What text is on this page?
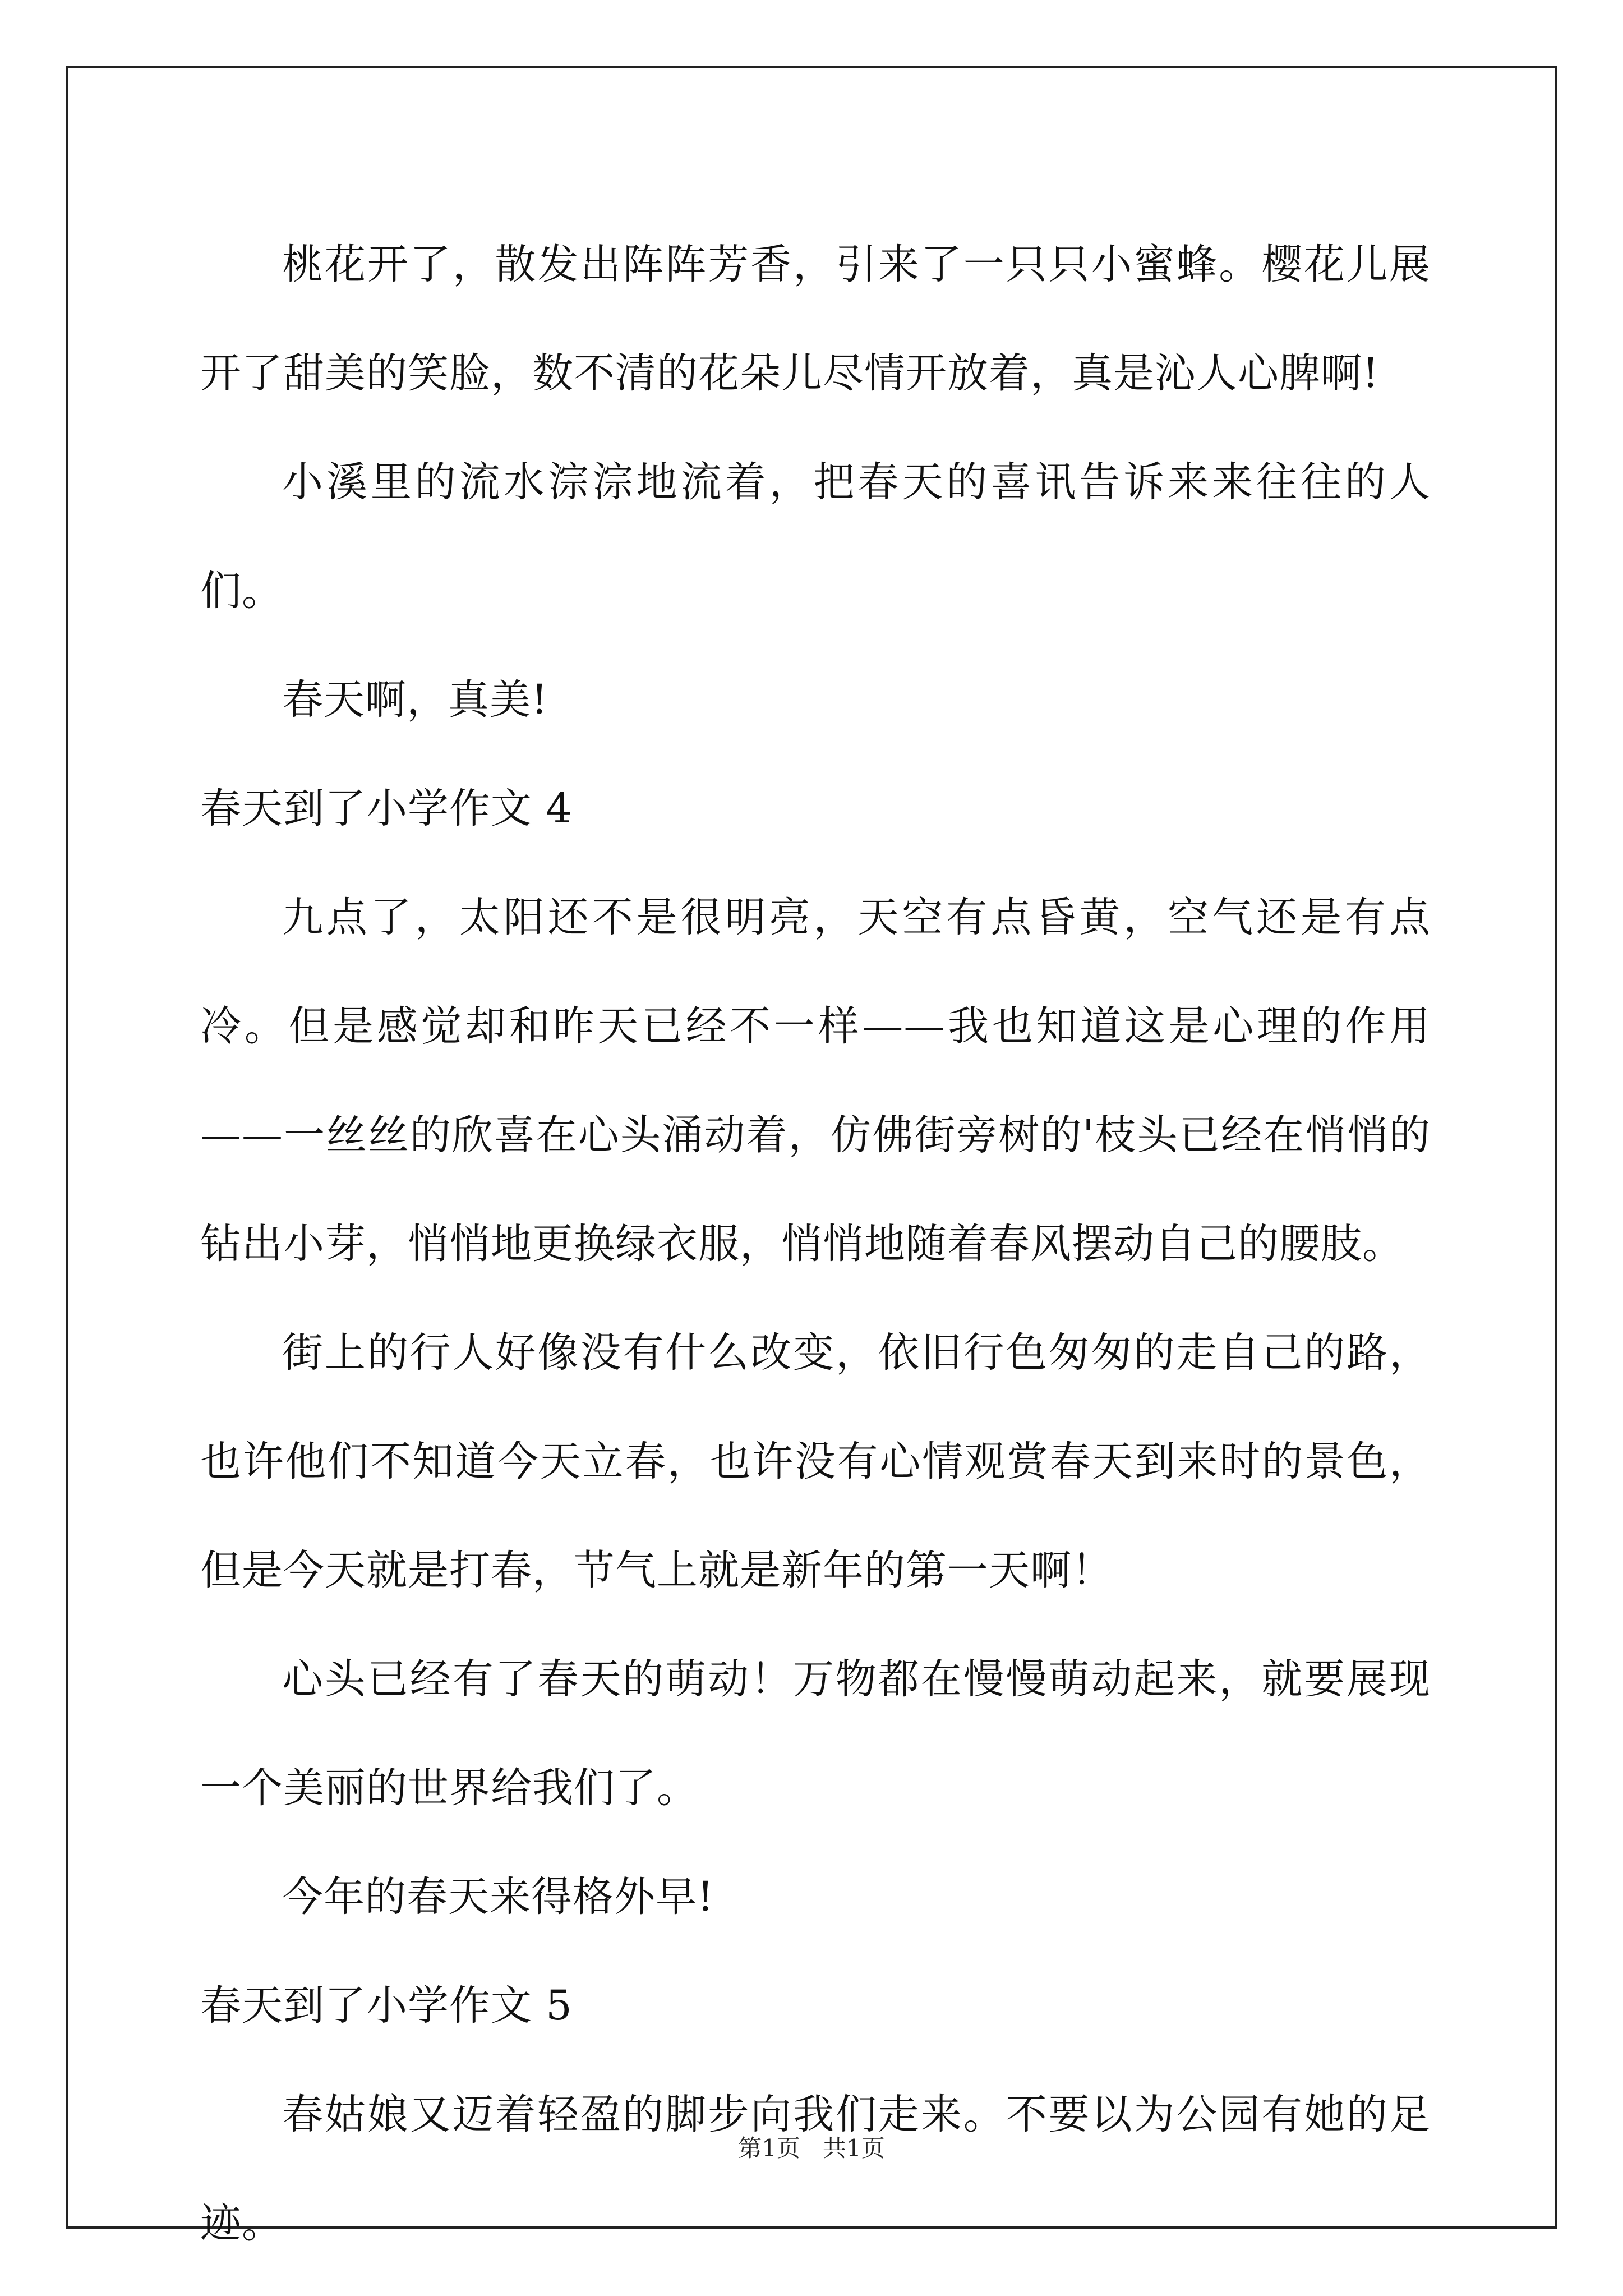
桃花开了，散发出阵阵芳香，引来了一只只小蜜蜂。樱花儿展开了甜美的笑脸，数不清的花朵儿尽情开放着，真是沁人心脾啊!

小溪里的流水淙淙地流着，把春天的喜讯告诉来来往往的人们。

春天啊，真美!

春天到了小学作文 4

九点了，太阳还不是很明亮，天空有点昏黄，空气还是有点冷。但是感觉却和昨天已经不一样——我也知道这是心理的作用——一丝丝的欣喜在心头涌动着，仿佛街旁树的'枝头已经在悄悄的钻出小芽，悄悄地更换绿衣服，悄悄地随着春风摆动自己的腰肢。

街上的行人好像没有什么改变，依旧行色匆匆的走自己的路，也许他们不知道今天立春，也许没有心情观赏春天到来时的景色，但是今天就是打春，节气上就是新年的第一天啊！

心头已经有了春天的萌动！万物都在慢慢萌动起来，就要展现一个美丽的世界给我们了。

今年的春天来得格外早!

春天到了小学作文 5

春姑娘又迈着轻盈的脚步向我们走来。不要以为公园有她的足迹。

第1页 共1页
